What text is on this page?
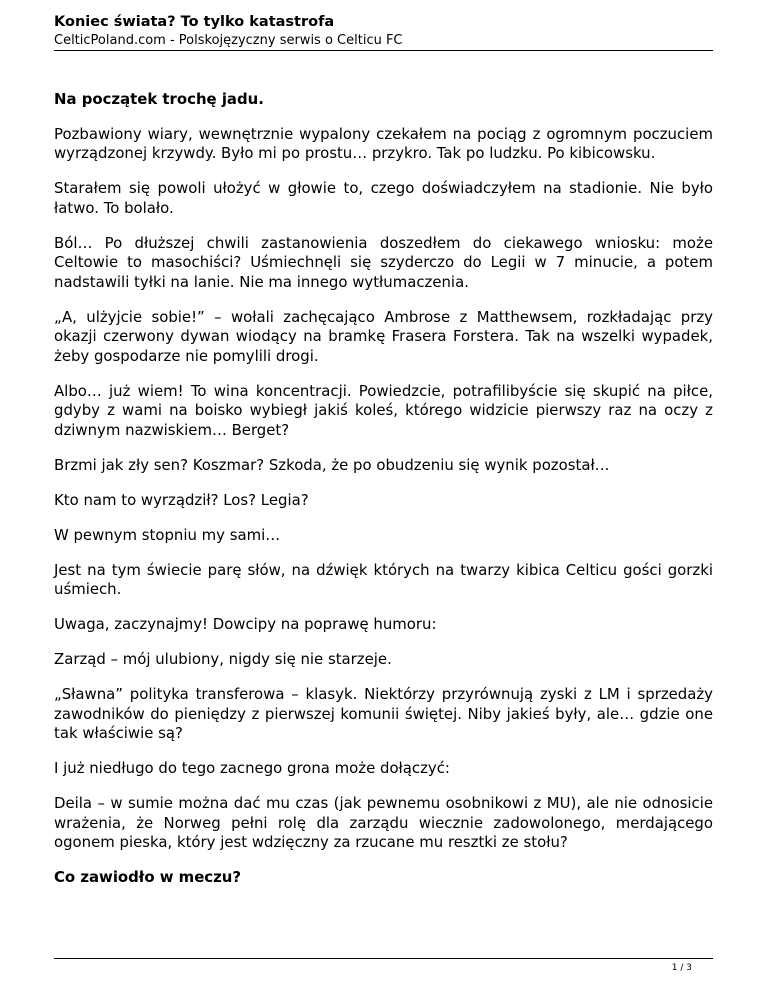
Koniec świata? To tylko katastrofa
CelticPoland.com - Polskojęzyczny serwis o Celticu FC
Na początek trochę jadu.

Pozbawiony wiary, wewnętrznie wypalony czekałem na pociąg z ogromnym poczuciem wyrządzonej krzywdy. Było mi po prostu… przykro. Tak po ludzku. Po kibicowsku.

Starałem się powoli ułożyć w głowie to, czego doświadczyłem na stadionie. Nie było łatwo. To bolało.

Ból… Po dłuższej chwili zastanowienia doszedłem do ciekawego wniosku: może Celtowie to masochiści? Uśmiechnęli się szyderczo do Legii w 7 minucie, a potem nadstawili tyłki na lanie. Nie ma innego wytłumaczenia.

„A, ulżyjcie sobie!” – wołali zachęcająco Ambrose z Matthewsem, rozkładając przy okazji czerwony dywan wiodący na bramkę Frasera Forstera. Tak na wszelki wypadek, żeby gospodarze nie pomylili drogi.

Albo… już wiem! To wina koncentracji. Powiedzcie, potrafilibyście się skupić na piłce, gdyby z wami na boisko wybiegł jakiś koleś, którego widzicie pierwszy raz na oczy z dziwnym nazwiskiem… Berget?

Brzmi jak zły sen? Koszmar? Szkoda, że po obudzeniu się wynik pozostał…

Kto nam to wyrządził? Los? Legia?

W pewnym stopniu my sami…

Jest na tym świecie parę słów, na dźwięk których na twarzy kibica Celticu gości gorzki uśmiech.

Uwaga, zaczynajmy! Dowcipy na poprawę humoru:

Zarząd – mój ulubiony, nigdy się nie starzeje.

„Sławna” polityka transferowa – klasyk. Niektórzy przyrównują zyski z LM i sprzedaży zawodników do pieniędzy z pierwszej komunii świętej. Niby jakieś były, ale… gdzie one tak właściwie są?

I już niedługo do tego zacnego grona może dołączyć:

Deila – w sumie można dać mu czas (jak pewnemu osobnikowi z MU), ale nie odnosicie wrażenia, że Norweg pełni rolę dla zarządu wiecznie zadowolonego, merdającego ogonem pieska, który jest wdzięczny za rzucane mu resztki ze stołu?

Co zawiodło w meczu?
1 / 3
